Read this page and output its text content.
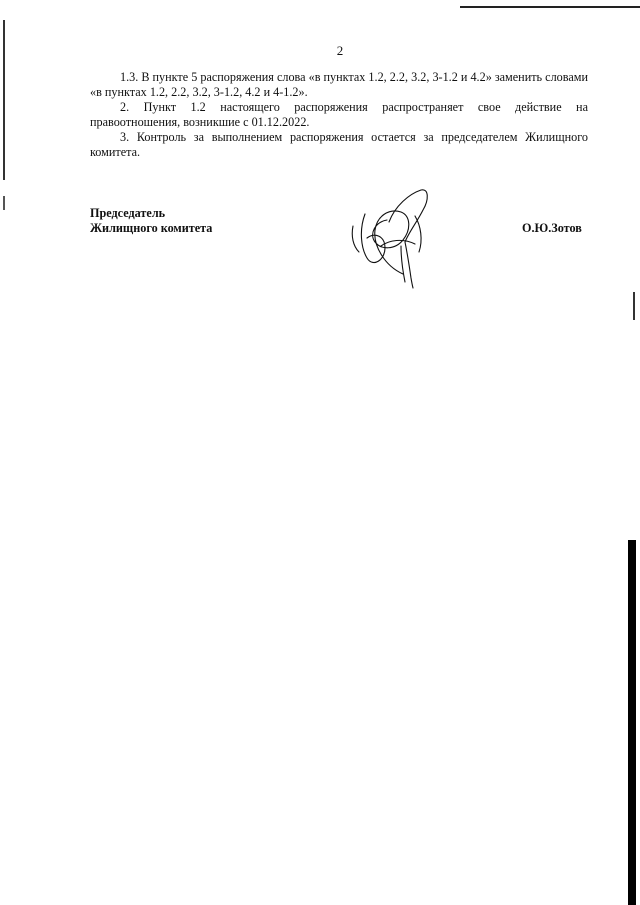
2

1.3. В пункте 5 распоряжения слова «в пунктах 1.2, 2.2, 3.2, 3-1.2 и 4.2» заменить словами «в пунктах 1.2, 2.2, 3.2, 3-1.2, 4.2 и 4-1.2».

2. Пункт 1.2 настоящего распоряжения распространяет свое действие на правоотношения, возникшие с 01.12.2022.

3. Контроль за выполнением распоряжения остается за председателем Жилищного комитета.

Председатель
Жилищного комитета	О.Ю.Зотов
